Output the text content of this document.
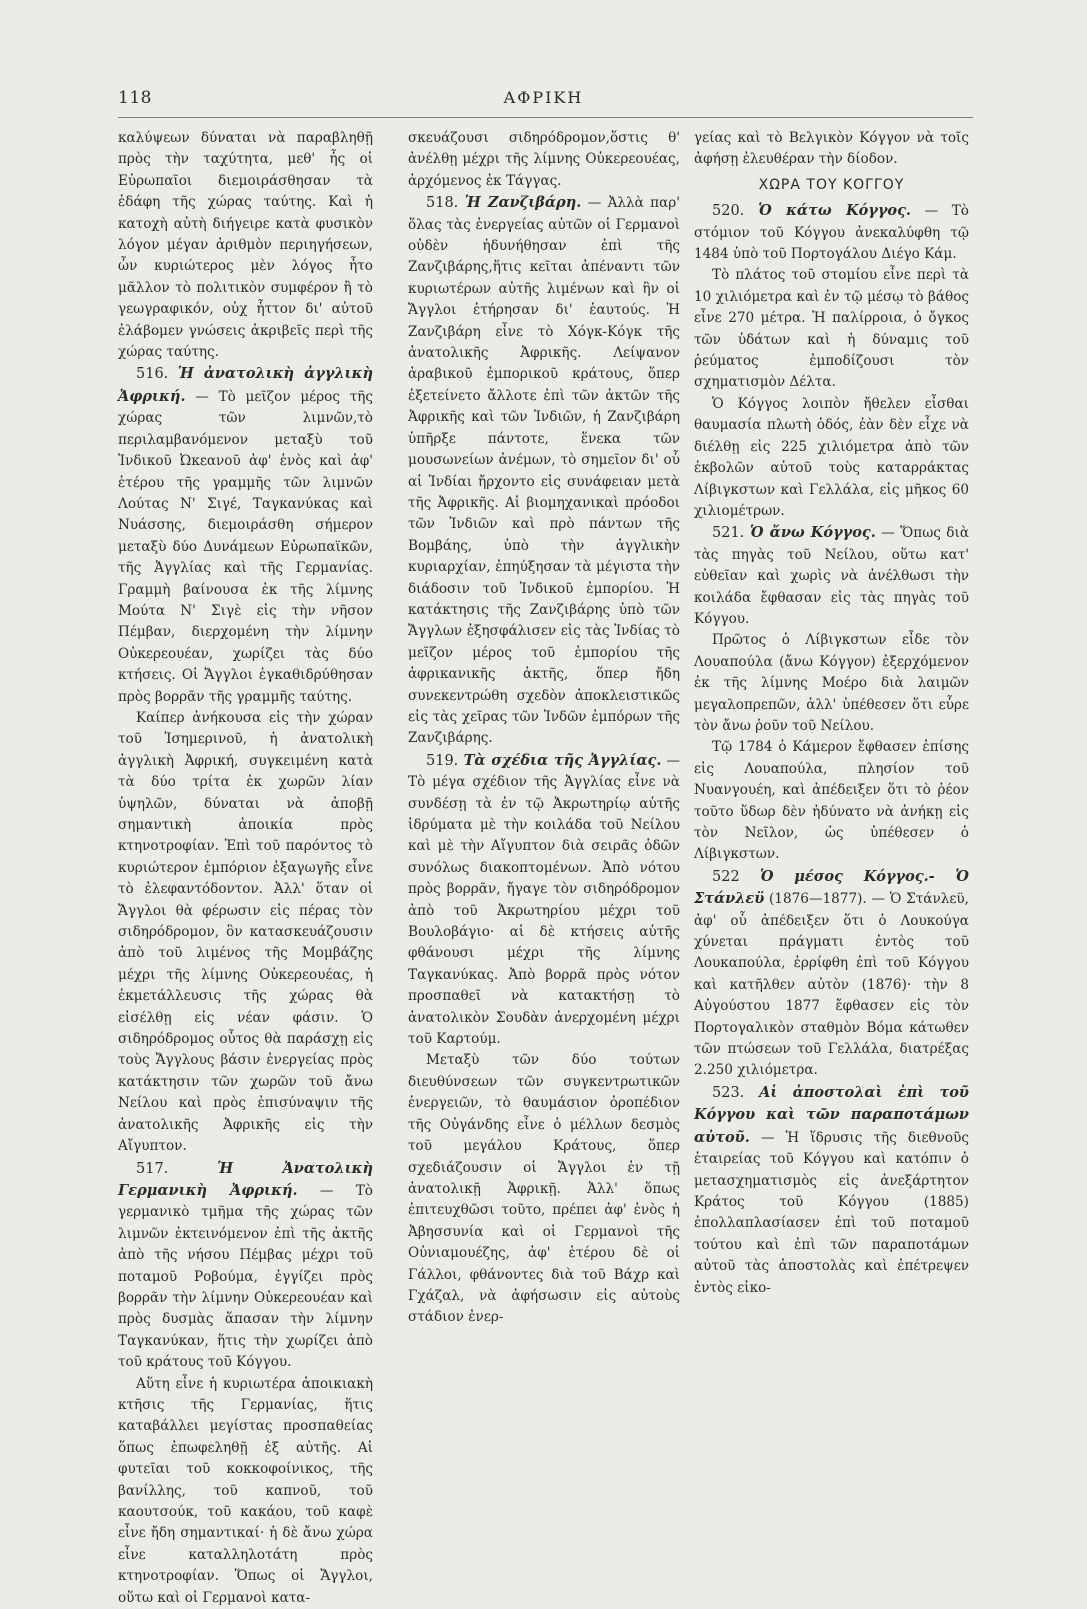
118	ΑΦΡΙΚΗ

καλύψεων δύναται νὰ παραβληθῇ πρὸς τὴν ταχύτητα, μεθ' ἧς οἱ Εὐρωπαῖοι διεμοιράσθησαν τὰ ἐδάφη τῆς χώρας ταύτης. Καὶ ἡ κατοχὴ αὐτὴ διήγειρε κατὰ φυσικὸν λόγον μέγαν ἀριθμὸν περιηγήσεων, ὧν κυριώτερος μὲν λόγος ἦτο μᾶλλον τὸ πολιτικὸν συμφέρον ἢ τὸ γεωγραφικόν, οὐχ ἧττον δι' αὐτοῦ ἐλάβομεν γνώσεις ἀκριβεῖς περὶ τῆς χώρας ταύτης.

516. Ἡ ἀνατολικὴ ἀγγλικὴ Ἀφρική. — Τὸ μεῖζον μέρος τῆς χώρας τῶν λιμνῶν,τὸ περιλαμβανόμενον μεταξὺ τοῦ Ἰνδικοῦ Ὠκεανοῦ ἀφ' ἑνὸς καὶ ἀφ' ἑτέρου τῆς γραμμῆς τῶν λιμνῶν Λούτας Ν' Σιγέ, Ταγκανύκας καὶ Νυάσσης, διεμοιράσθη σήμερον μεταξὺ δύο Δυνάμεων Εὐρωπαϊκῶν, τῆς Ἀγγλίας καὶ τῆς Γερμανίας. Γραμμὴ βαίνουσα ἐκ τῆς λίμνης Μούτα Ν' Σιγὲ εἰς τὴν νῆσον Πέμβαν, διερχομένη τὴν λίμνην Οὐκερεουέαν, χωρίζει τὰς δύο κτήσεις. Οἱ Ἄγγλοι ἐγκαθιδρύθησαν πρὸς βορρᾶν τῆς γραμμῆς ταύτης.

Καίπερ ἀνήκουσα εἰς τὴν χώραν τοῦ Ἰσημερινοῦ, ἡ ἀνατολικὴ ἀγγλικὴ Ἀφρική, συγκειμένη κατὰ τὰ δύο τρίτα ἐκ χωρῶν λίαν ὑψηλῶν, δύναται νὰ ἀποβῇ σημαντικὴ ἀποικία πρὸς κτηνοτροφίαν. Ἐπὶ τοῦ παρόντος τὸ κυριώτερον ἐμπόριον ἐξαγωγῆς εἶνε τὸ ἐλεφαντόδοντον. Ἀλλ' ὅταν οἱ Ἄγγλοι θὰ φέρωσιν εἰς πέρας τὸν σιδηρόδρομον, ὃν κατασκευάζουσιν ἀπὸ τοῦ λιμένος τῆς Μομβάζης μέχρι τῆς λίμνης Οὐκερεουέας, ἡ ἐκμετάλλευσις τῆς χώρας θὰ εἰσέλθῃ εἰς νέαν φάσιν. Ὁ σιδηρόδρομος οὗτος θὰ παράσχῃ εἰς τοὺς Ἄγγλους βάσιν ἐνεργείας πρὸς κατάκτησιν τῶν χωρῶν τοῦ ἄνω Νείλου καὶ πρὸς ἐπισύναψιν τῆς ἀνατολικῆς Ἀφρικῆς εἰς τὴν Αἴγυπτον.

517. Ἡ Ἀνατολικὴ Γερμανικὴ Ἀφρική. — Τὸ γερμανικὸ τμῆμα τῆς χώρας τῶν λιμνῶν ἐκτεινόμενον ἐπὶ τῆς ἀκτῆς ἀπὸ τῆς νήσου Πέμβας μέχρι τοῦ ποταμοῦ Ροβούμα, ἐγγίζει πρὸς βορρᾶν τὴν λίμνην Οὐκερεουέαν καὶ πρὸς δυσμὰς ἅπασαν τὴν λίμνην Ταγκανύκαν, ἥτις τὴν χωρίζει ἀπὸ τοῦ κράτους τοῦ Κόγγου.

Αὕτη εἶνε ἡ κυριωτέρα ἀποικιακὴ κτῆσις τῆς Γερμανίας, ἥτις καταβάλλει μεγίστας προσπαθείας ὅπως ἐπωφεληθῇ ἐξ αὐτῆς. Αἱ φυτεῖαι τοῦ κοκκοφοίνικος, τῆς βανίλλης, τοῦ καπνοῦ, τοῦ καουτσούκ, τοῦ κακάου, τοῦ καφὲ εἶνε ἤδη σημαντικαί· ἡ δὲ ἄνω χώρα εἶνε καταλληλοτάτη πρὸς κτηνοτροφίαν. Ὅπως οἱ Ἄγγλοι, οὕτω καὶ οἱ Γερμανοὶ κατα-

σκευάζουσι σιδηρόδρομον,ὅστις θ' ἀνέλθῃ μέχρι τῆς λίμνης Οὐκερεουέας, ἀρχόμενος ἐκ Τάγγας.

518. Ἡ Ζανζιβάρη. — Ἀλλὰ παρ' ὅλας τὰς ἐνεργείας αὐτῶν οἱ Γερμανοὶ οὐδὲν ἠδυνήθησαν ἐπὶ τῆς Ζανζιβάρης,ἥτις κεῖται ἀπέναντι τῶν κυριωτέρων αὐτῆς λιμένων καὶ ἣν οἱ Ἄγγλοι ἐτήρησαν δι' ἑαυτούς. Ἡ Ζανζιβάρη εἶνε τὸ Χόγκ-Κόγκ τῆς ἀνατολικῆς Ἀφρικῆς. Λείψανον ἀραβικοῦ ἐμπορικοῦ κράτους, ὅπερ ἐξετείνετο ἄλλοτε ἐπὶ τῶν ἀκτῶν τῆς Ἀφρικῆς καὶ τῶν Ἰνδιῶν, ἡ Ζανζιβάρη ὑπῆρξε πάντοτε, ἕνεκα τῶν μουσωνείων ἀνέμων, τὸ σημεῖον δι' οὗ αἱ Ἰνδίαι ἤρχοντο εἰς συνάφειαν μετὰ τῆς Ἀφρικῆς. Αἱ βιομηχανικαὶ πρόοδοι τῶν Ἰνδιῶν καὶ πρὸ πάντων τῆς Βομβάης, ὑπὸ τὴν ἀγγλικὴν κυριαρχίαν, ἐπηύξησαν τὰ μέγιστα τὴν διάδοσιν τοῦ Ἰνδικοῦ ἐμπορίου. Ἡ κατάκτησις τῆς Ζανζιβάρης ὑπὸ τῶν Ἄγγλων ἐξησφάλισεν εἰς τὰς Ἰνδίας τὸ μεῖζον μέρος τοῦ ἐμπορίου τῆς ἀφρικανικῆς ἀκτῆς, ὅπερ ἤδη συνεκεντρώθη σχεδὸν ἀποκλειστικῶς εἰς τὰς χεῖρας τῶν Ἰνδῶν ἐμπόρων τῆς Ζανζιβάρης.

519. Τὰ σχέδια τῆς Ἀγγλίας. —Τὸ μέγα σχέδιον τῆς Ἀγγλίας εἶνε νὰ συνδέσῃ τὰ ἐν τῷ Ἀκρωτηρίῳ αὐτῆς ἱδρύματα μὲ τὴν κοιλάδα τοῦ Νείλου καὶ μὲ τὴν Αἴγυπτον διὰ σειρᾶς ὁδῶν συνόλως διακοπτομένων. Ἀπὸ νότου πρὸς βορρᾶν, ἤγαγε τὸν σιδηρόδρομον ἀπὸ τοῦ Ἀκρωτηρίου μέχρι τοῦ Βουλοβάγιο· αἱ δὲ κτήσεις αὐτῆς φθάνουσι μέχρι τῆς λίμνης Ταγκανύκας. Ἀπὸ βορρᾶ πρὸς νότον προσπαθεῖ νὰ κατακτήσῃ τὸ ἀνατολικὸν Σουδὰν ἀνερχομένη μέχρι τοῦ Καρτούμ.

Μεταξὺ τῶν δύο τούτων διευθύνσεων τῶν συγκεντρωτικῶν ἐνεργειῶν, τὸ θαυμάσιον ὀροπέδιον τῆς Οὐγάνδης εἶνε ὁ μέλλων δεσμὸς τοῦ μεγάλου Κράτους, ὅπερ σχεδιάζουσιν οἱ Ἄγγλοι ἐν τῇ ἀνατολικῇ Ἀφρικῇ. Ἀλλ' ὅπως ἐπιτευχθῶσι τοῦτο, πρέπει ἀφ' ἑνὸς ἡ Ἀβησσυνία καὶ οἱ Γερμανοὶ τῆς Οὐνιαμουέζης, ἀφ' ἑτέρου δὲ οἱ Γάλλοι, φθάνοντες διὰ τοῦ Βάχρ καὶ Γχάζαλ, νὰ ἀφήσωσιν εἰς αὐτοὺς στάδιον ἐνερ-

γείας καὶ τὸ Βελγικὸν Κόγγον νὰ τοῖς ἀφήσῃ ἐλευθέραν τὴν δίοδον.

ΧΩΡΑ ΤΟΥ ΚΟΓΓΟΥ

520. Ὁ κάτω Κόγγος. — Τὸ στόμιον τοῦ Κόγγου ἀνεκαλύφθη τῷ 1484 ὑπὸ τοῦ Πορτογάλου Διέγο Κάμ.

Τὸ πλάτος τοῦ στομίου εἶνε περὶ τὰ 10 χιλιόμετρα καὶ ἐν τῷ μέσῳ τὸ βάθος εἶνε 270 μέτρα. Ἡ παλίρροια, ὁ ὄγκος τῶν ὑδάτων καὶ ἡ δύναμις τοῦ ῥεύματος ἐμποδίζουσι τὸν σχηματισμὸν Δέλτα.

Ὁ Κόγγος λοιπὸν ἤθελεν εἶσθαι θαυμασία πλωτὴ ὁδός, ἐὰν δὲν εἶχε νὰ διέλθῃ εἰς 225 χιλιόμετρα ἀπὸ τῶν ἐκβολῶν αὐτοῦ τοὺς καταρράκτας Λίβιγκστων καὶ Γελλάλα, εἰς μῆκος 60 χιλιομέτρων.

521. Ὁ ἄνω Κόγγος. — Ὅπως διὰ τὰς πηγὰς τοῦ Νείλου, οὕτω κατ' εὐθεῖαν καὶ χωρὶς νὰ ἀνέλθωσι τὴν κοιλάδα ἔφθασαν εἰς τὰς πηγὰς τοῦ Κόγγου.

Πρῶτος ὁ Λίβιγκστων εἶδε τὸν Λουαπούλα (ἄνω Κόγγον) ἐξερχόμενον ἐκ τῆς λίμνης Μοέρο διὰ λαιμῶν μεγαλοπρεπῶν, ἀλλ' ὑπέθεσεν ὅτι εὗρε τὸν ἄνω ῥοῦν τοῦ Νείλου.

Τῷ 1784 ὁ Κάμερον ἔφθασεν ἐπίσης εἰς Λουαπούλα, πλησίον τοῦ Νυανγουέη, καὶ ἀπέδειξεν ὅτι τὸ ῥέον τοῦτο ὕδωρ δὲν ἠδύνατο νὰ ἀνήκῃ εἰς τὸν Νεῖλον, ὡς ὑπέθεσεν ὁ Λίβιγκστων.

522 Ὁ μέσος Κόγγος.- Ὁ Στάνλεϋ (1876—1877). — Ὁ Στάνλεϋ, ἀφ' οὗ ἀπέδειξεν ὅτι ὁ Λουκούγα χύνεται πράγματι ἐντὸς τοῦ Λουκαπούλα, ἐρρίφθη ἐπὶ τοῦ Κόγγου καὶ κατῆλθεν αὐτὸν (1876)· τὴν 8 Αὐγούστου 1877 ἔφθασεν εἰς τὸν Πορτογαλικὸν σταθμὸν Βόμα κάτωθεν τῶν πτώσεων τοῦ Γελλάλα, διατρέξας 2.250 χιλιόμετρα.

523. Αἱ ἀποστολαὶ ἐπὶ τοῦ Κόγγου καὶ τῶν παραποτάμων αὐτοῦ. — Ἡ ἵδρυσις τῆς διεθνοῦς ἑταιρείας τοῦ Κόγγου καὶ κατόπιν ὁ μετασχηματισμὸς εἰς ἀνεξάρτητον Κράτος τοῦ Κόγγου (1885) ἐπολλαπλασίασεν ἐπὶ τοῦ ποταμοῦ τούτου καὶ ἐπὶ τῶν παραποτάμων αὐτοῦ τὰς ἀποστολὰς καὶ ἐπέτρεψεν ἐντὸς εἰκο-
